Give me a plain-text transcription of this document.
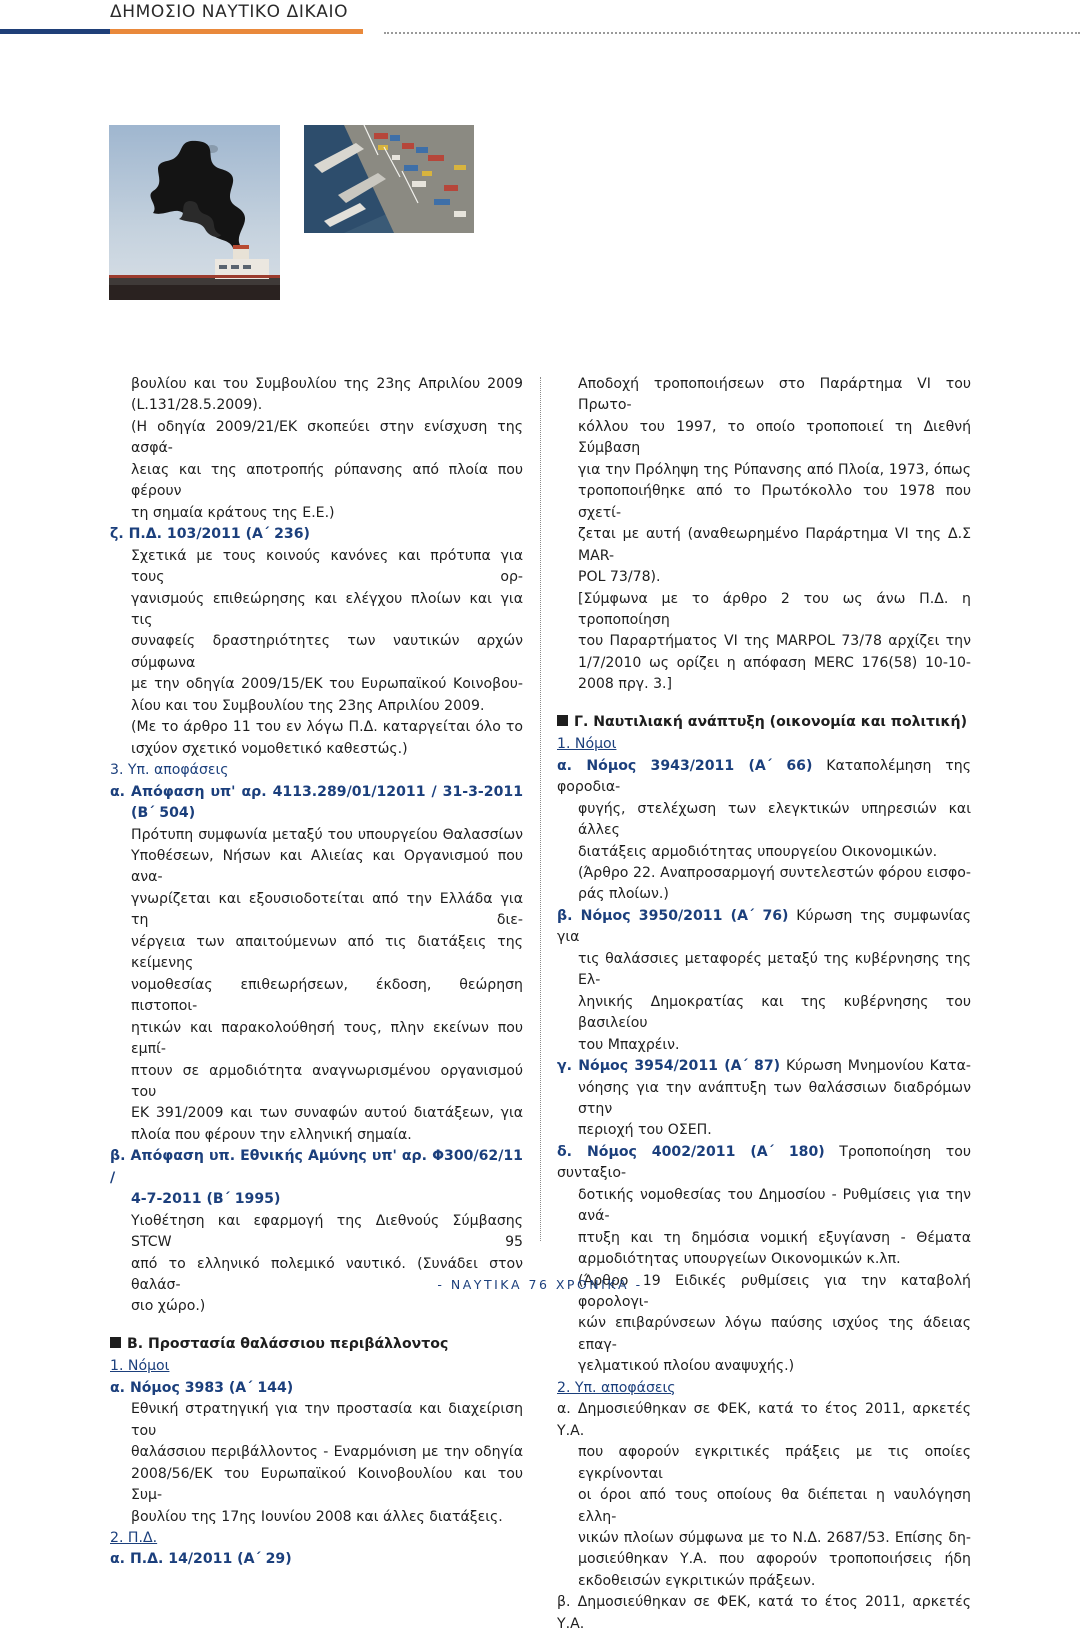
ΔΗΜΟΣΙΟ ΝΑΥΤΙΚΟ ΔΙΚΑΙΟ
βουλίου και του Συμβουλίου της 23ης Απριλίου 2009
(L.131/28.5.2009).
(Η οδηγία 2009/21/ΕΚ σκοπεύει στην ενίσχυση της ασφά-
λειας και της αποτροπής ρύπανσης από πλοία που φέρουν
τη σημαία κράτους της Ε.Ε.)
ζ. Π.Δ. 103/2011 (Α΄ 236)
Σχετικά με τους κοινούς κανόνες και πρότυπα για τους ορ-
γανισμούς επιθεώρησης και ελέγχου πλοίων και για τις
συναφείς δραστηριότητες των ναυτικών αρχών σύμφωνα
με την οδηγία 2009/15/ΕΚ του Ευρωπαϊκού Κοινοβου-
λίου και του Συμβουλίου της 23ης Απριλίου 2009.
(Με το άρθρο 11 του εν λόγω Π.Δ. καταργείται όλο το
ισχύον σχετικό νομοθετικό καθεστώς.)
3. Υπ. αποφάσεις
α. Απόφαση υπ' αρ. 4113.289/01/12011 / 31-3-2011
(Β΄ 504)
Πρότυπη συμφωνία μεταξύ του υπουργείου Θαλασσίων
Υποθέσεων, Νήσων και Αλιείας και Οργανισμού που ανα-
γνωρίζεται και εξουσιοδοτείται από την Ελλάδα για τη διε-
νέργεια των απαιτούμενων από τις διατάξεις της κείμενης
νομοθεσίας επιθεωρήσεων, έκδοση, θεώρηση πιστοποι-
ητικών και παρακολούθησή τους, πλην εκείνων που εμπί-
πτουν σε αρμοδιότητα αναγνωρισμένου οργανισμού του
ΕΚ 391/2009 και των συναφών αυτού διατάξεων, για
πλοία που φέρουν την ελληνική σημαία.
β. Απόφαση υπ. Εθνικής Αμύνης υπ' αρ. Φ300/62/11 /
4-7-2011 (Β΄ 1995)
Υιοθέτηση και εφαρμογή της Διεθνούς Σύμβασης STCW 95
από το ελληνικό πολεμικό ναυτικό. (Συνάδει στον θαλάσ-
σιο χώρο.)
Β. Προστασία θαλάσσιου περιβάλλοντος
1. Νόμοι
α. Νόμος 3983 (Α΄ 144)
Εθνική στρατηγική για την προστασία και διαχείριση του
θαλάσσιου περιβάλλοντος - Εναρμόνιση με την οδηγία
2008/56/ΕΚ του Ευρωπαϊκού Κοινοβουλίου και του Συμ-
βουλίου της 17ης Ιουνίου 2008 και άλλες διατάξεις.
2. Π.Δ.
α. Π.Δ. 14/2011 (Α΄ 29)
Αποδοχή τροποποιήσεων στο Παράρτημα VI του Πρωτο-
κόλλου του 1997, το οποίο τροποποιεί τη Διεθνή Σύμβαση
για την Πρόληψη της Ρύπανσης από Πλοία, 1973, όπως
τροποποιήθηκε από το Πρωτόκολλο του 1978 που σχετί-
ζεται με αυτή (αναθεωρημένο Παράρτημα VI της Δ.Σ MAR-
POL 73/78).
[Σύμφωνα με το άρθρο 2 του ως άνω Π.Δ. η τροποποίηση
του Παραρτήματος VI της MARPOL 73/78 αρχίζει την
1/7/2010 ως ορίζει η απόφαση MERC 176(58) 10-10-
2008 πργ. 3.]
Γ. Ναυτιλιακή ανάπτυξη (οικονομία και πολιτική)
1. Νόμοι
α. Νόμος 3943/2011 (Α΄ 66) Καταπολέμηση της φοροδια-
φυγής, στελέχωση των ελεγκτικών υπηρεσιών και άλλες
διατάξεις αρμοδιότητας υπουργείου Οικονομικών.
(Άρθρο 22. Αναπροσαρμογή συντελεστών φόρου εισφο-
ράς πλοίων.)
β. Νόμος 3950/2011 (Α΄ 76) Κύρωση της συμφωνίας για
τις θαλάσσιες μεταφορές μεταξύ της κυβέρνησης της Ελ-
ληνικής Δημοκρατίας και της κυβέρνησης του βασιλείου
του Μπαχρέιν.
γ. Νόμος 3954/2011 (Α΄ 87) Κύρωση Μνημονίου Κατα-
νόησης για την ανάπτυξη των θαλάσσιων διαδρόμων στην
περιοχή του ΟΣΕΠ.
δ. Νόμος 4002/2011 (Α΄ 180) Τροποποίηση του συνταξιο-
δοτικής νομοθεσίας του Δημοσίου - Ρυθμίσεις για την ανά-
πτυξη και τη δημόσια νομική εξυγίανση - Θέματα
αρμοδιότητας υπουργείων Οικονομικών κ.λπ.
(Άρθρο 19 Ειδικές ρυθμίσεις για την καταβολή φορολογι-
κών επιβαρύνσεων λόγω παύσης ισχύος της άδειας επαγ-
γελματικού πλοίου αναψυχής.)
2. Υπ. αποφάσεις
α. Δημοσιεύθηκαν σε ΦΕΚ, κατά το έτος 2011, αρκετές Υ.Α.
που αφορούν εγκριτικές πράξεις με τις οποίες εγκρίνονται
οι όροι από τους οποίους θα διέπεται η ναυλόγηση ελλη-
νικών πλοίων σύμφωνα με το Ν.Δ. 2687/53. Επίσης δη-
μοσιεύθηκαν Υ.Α. που αφορούν τροποποιήσεις ήδη
εκδοθεισών εγκριτικών πράξεων.
β. Δημοσιεύθηκαν σε ΦΕΚ, κατά το έτος 2011, αρκετές Υ.Α.
- ΝΑΥΤΙΚΑ 76 ΧΡΟΝΙΚΑ -
